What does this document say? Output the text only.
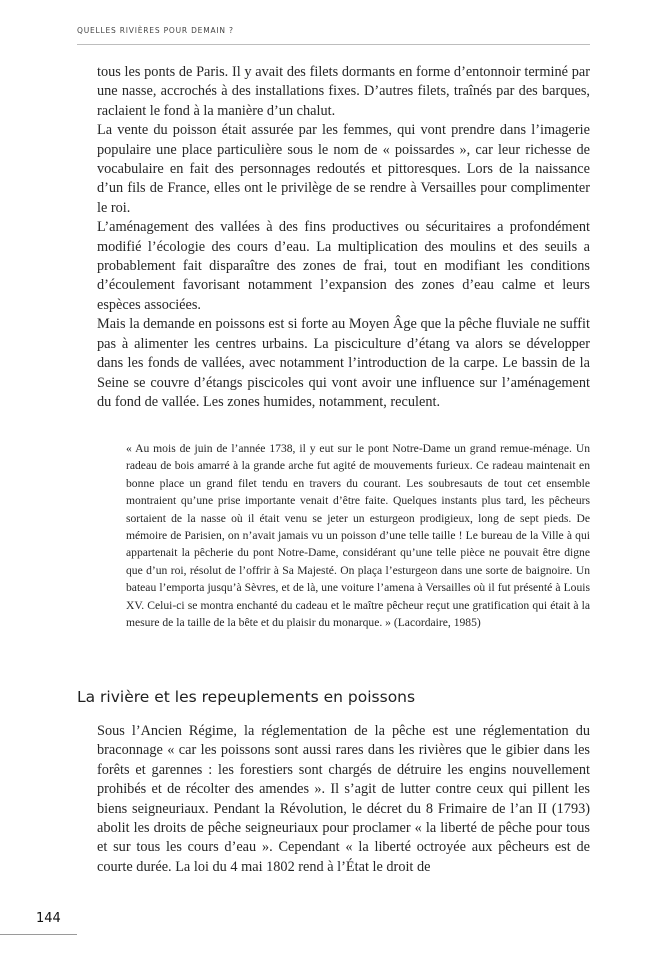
QUELLES RIVIÈRES POUR DEMAIN ?

tous les ponts de Paris. Il y avait des filets dormants en forme d’entonnoir terminé par une nasse, accrochés à des installations fixes. D’autres filets, traînés par des barques, raclaient le fond à la manière d’un chalut.

La vente du poisson était assurée par les femmes, qui vont prendre dans l’imagerie populaire une place particulière sous le nom de « poissardes », car leur richesse de vocabulaire en fait des personnages redoutés et pittoresques. Lors de la naissance d’un fils de France, elles ont le privilège de se rendre à Versailles pour complimenter le roi.

L’aménagement des vallées à des fins productives ou sécuritaires a profondément modifié l’écologie des cours d’eau. La multiplication des moulins et des seuils a probablement fait disparaître des zones de frai, tout en modifiant les conditions d’écoulement favorisant notamment l’expansion des zones d’eau calme et leurs espèces associées.

Mais la demande en poissons est si forte au Moyen Âge que la pêche fluviale ne suffit pas à alimenter les centres urbains. La pisciculture d’étang va alors se développer dans les fonds de vallées, avec notamment l’introduction de la carpe. Le bassin de la Seine se couvre d’étangs piscicoles qui vont avoir une influence sur l’aménagement du fond de vallée. Les zones humides, notamment, reculent.

« Au mois de juin de l’année 1738, il y eut sur le pont Notre-Dame un grand remue-ménage. Un radeau de bois amarré à la grande arche fut agité de mouvements furieux. Ce radeau maintenait en bonne place un grand filet tendu en travers du courant. Les soubresauts de tout cet ensemble montraient qu’une prise importante venait d’être faite. Quelques instants plus tard, les pêcheurs sortaient de la nasse où il était venu se jeter un esturgeon prodigieux, long de sept pieds. De mémoire de Parisien, on n’avait jamais vu un poisson d’une telle taille ! Le bureau de la Ville à qui appartenait la pêcherie du pont Notre-Dame, considérant qu’une telle pièce ne pouvait être digne que d’un roi, résolut de l’offrir à Sa Majesté. On plaça l’esturgeon dans une sorte de baignoire. Un bateau l’emporta jusqu’à Sèvres, et de là, une voiture l’amena à Versailles où il fut présenté à Louis XV. Celui-ci se montra enchanté du cadeau et le maître pêcheur reçut une gratification qui était à la mesure de la taille de la bête et du plaisir du monarque. » (Lacordaire, 1985)

La rivière et les repeuplements en poissons

Sous l’Ancien Régime, la réglementation de la pêche est une réglementation du braconnage « car les poissons sont aussi rares dans les rivières que le gibier dans les forêts et garennes : les forestiers sont chargés de détruire les engins nouvellement prohibés et de récolter des amendes ». Il s’agit de lutter contre ceux qui pillent les biens seigneuriaux. Pendant la Révolution, le décret du 8 Frimaire de l’an II (1793) abolit les droits de pêche seigneuriaux pour proclamer « la liberté de pêche pour tous et sur tous les cours d’eau ». Cependant « la liberté octroyée aux pêcheurs est de courte durée. La loi du 4 mai 1802 rend à l’État le droit de

144
